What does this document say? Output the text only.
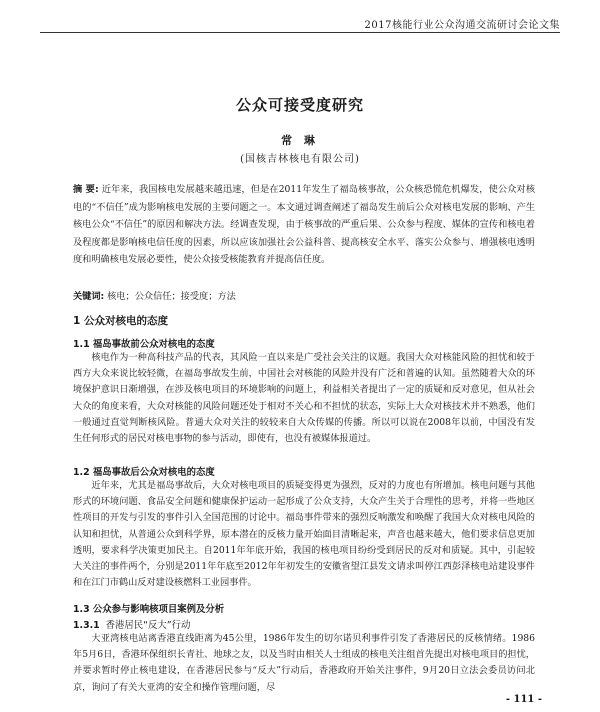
2017核能行业公众沟通交流研讨会论文集
公众可接受度研究
常 琳
(国核吉林核电有限公司)
摘 要: 近年来，我国核电发展越来越迅速，但是在2011年发生了福岛核事故，公众核恐慌危机爆发，使公众对核电的“不信任”成为影响核电发展的主要问题之一。本文通过调查阐述了福岛发生前后公众对核电发展的影响、产生核电公众“不信任”的原因和解决方法。经调查发现，由于核事故的严重后果、公众参与程度、媒体的宣传和核电着及程度都是影响核电信任度的因素，所以应该加强社会公益科普、提高核安全水平、落实公众参与、增强核电透明度和明确核电发展必要性，使公众接受核能教育并提高信任度。
关键词: 核电；公众信任；接受度；方法
1 公众对核电的态度
1.1 福岛事故前公众对核电的态度

核电作为一种高科技产品的代表，其风险一直以来是广受社会关注的议题。我国大众对核能风险的担忧和较于西方大众来说比较轻微，在福岛事故发生前，中国社会对核能的风险并没有广泛和普遍的认知。虽然随着大众的环境保护意识日渐增强，在涉及核电项目的环境影响的问题上，利益相关者提出了一定的质疑和反对意见，但从社会大众的角度来看，大众对核能的风险问题还处于相对不关心和不担忧的状态，实际上大众对核技术并不熟悉，他们一般通过直觉判断核风险。普通大众对关注的较较来自大众传媒的传播。所以可以说在2008年以前，中国没有发生任何形式的居民对核电事物的参与活动，即使有，也没有被媒体报道过。

1.2 福岛事故后公众对核电的态度

近年来，尤其是福岛事故后，大众对核电项目的质疑变得更为强烈，反对的力度也有所增加。核电问题与其他形式的环境问题、食品安全问题和健康保护运动一起形成了公众支持，大众产生关于合理性的思考，并将一些地区性项目的开发与引发的事件引入全国范围的讨论中。福岛事件带来的强烈反响激发和唤醒了我国大众对核电风险的认知和担忧，从普通公众到科学界，原本潜在的反核力量开始面目清晰起来，声音也越来越大，他们要求信息更加透明，要求科学决策更加民主。自2011年年底开始，我国的核电项目纷纷受到居民的反对和质疑。其中，引起较大关注的事件两个，分别是2011年年底至2012年年初发生的安徽省望江县发文请求叫停江西彭泽核电站建设事件和在江门市鹤山反对建设核燃料工业园事件。

1.3 公众参与影响核项目案例及分析
1.3.1 香港居民“反大”行动

大亚湾核电站离香港直线距离为45公里，1986年发生的切尔诺贝利事件引发了香港居民的反核情绪。1986年5月6日，香港环保组织长青社、地球之友，以及当时由相关人士组成的核电关注组首先提出对核电项目的担忧，并要求暂时停止核电建设，在香港居民参与“反大”行动后，香港政府开始关注事件，9月20日立法会委员访问北京，询问了有关大亚湾的安全和操作管理问题，尽

- 111 -
